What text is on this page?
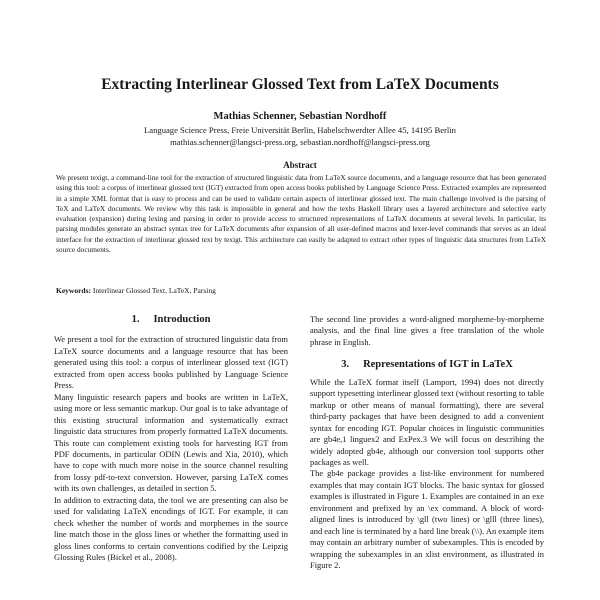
Extracting Interlinear Glossed Text from LaTeX Documents
Mathias Schenner, Sebastian Nordhoff
Language Science Press, Freie Universität Berlin, Habelschwerdter Allee 45, 14195 Berlin
mathias.schenner@langsci-press.org, sebastian.nordhoff@langsci-press.org
Abstract
We present texigt, a command-line tool for the extraction of structured linguistic data from LaTeX source documents, and a language resource that has been generated using this tool: a corpus of interlinear glossed text (IGT) extracted from open access books published by Language Science Press. Extracted examples are represented in a simple XML format that is easy to process and can be used to validate certain aspects of interlinear glossed text. The main challenge involved is the parsing of TeX and LaTeX documents. We review why this task is impossible in general and how the texhs Haskell library uses a layered architecture and selective early evaluation (expansion) during lexing and parsing in order to provide access to structured representations of LaTeX documents at several levels. In particular, its parsing modules generate an abstract syntax tree for LaTeX documents after expansion of all user-defined macros and lexer-level commands that serves as an ideal interface for the extraction of interlinear glossed text by texigt. This architecture can easily be adapted to extract other types of linguistic data structures from LaTeX source documents.
Keywords: Interlinear Glossed Text, LaTeX, Parsing
1. Introduction

We present a tool for the extraction of structured linguistic data from LaTeX source documents and a language resource that has been generated using this tool: a corpus of interlinear glossed text (IGT) extracted from open access books published by Language Science Press.

Many linguistic research papers and books are written in LaTeX, using more or less semantic markup. Our goal is to take advantage of this existing structural information and systematically extract linguistic data structures from properly formatted LaTeX documents. This route can complement existing tools for harvesting IGT from PDF documents, in particular ODIN (Lewis and Xia, 2010), which have to cope with much more noise in the source channel resulting from lossy pdf-to-text conversion. However, parsing LaTeX comes with its own challenges, as detailed in section 5.

In addition to extracting data, the tool we are presenting can also be used for validating LaTeX encodings of IGT. For example, it can check whether the number of words and morphemes in the source line match those in the gloss lines or whether the formatting used in gloss lines conforms to certain conventions codified by the Leipzig Glossing Rules (Bickel et al., 2008).

The second line provides a word-aligned morpheme-by-morpheme analysis, and the final line gives a free translation of the whole phrase in English.

3. Representations of IGT in LaTeX

While the LaTeX format itself (Lamport, 1994) does not directly support typesetting interlinear glossed text (without resorting to table markup or other means of manual formatting), there are several third-party packages that have been designed to add a convenient syntax for encoding IGT. Popular choices in linguistic communities are gb4e,1 linguex2 and ExPex.3 We will focus on describing the widely adopted gb4e, although our conversion tool supports other packages as well.

The gb4e package provides a list-like environment for numbered examples that may contain IGT blocks. The basic syntax for glossed examples is illustrated in Figure 1. Examples are contained in an exe environment and prefixed by an \ex command. A block of word-aligned lines is introduced by \gll (two lines) or \glll (three lines), and each line is terminated by a hard line break (\\). An example item may contain an arbitrary number of subexamples. This is encoded by wrapping the subexamples in an xlist environment, as illustrated in Figure 2.
